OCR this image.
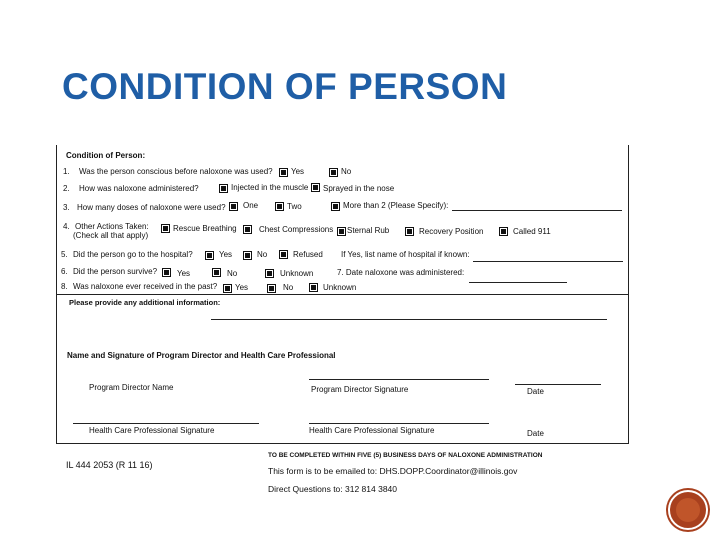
CONDITION OF PERSON
Condition of Person:
1. Was the person conscious before naloxone was used? Yes	No
2. How was naloxone administered?	Injected in the muscle Sprayed in the nose
3. How many doses of naloxone were used? One	Two	More than 2 (Please Specify):
4. Other Actions Taken:
(Check all that apply)
Rescue Breathing	Chest Compressions Sternal Rub	Recovery Position	Called 911
5. Did the person go to the hospital?	Yes	No	Refused If Yes, list name of hospital if known:
6. Did the person survive? Yes	No	Unknown	7. Date naloxone was administered:
8. Was naloxone ever received in the past? Yes	No	Unknown
Please provide any additional information:
Name and Signature of Program Director and Health Care Professional
Program Director Name	Program Director Signature	Date
Health Care Professional Signature	Health Care Professional Signature	Date
IL 444 2053 (R 11 16)
TO BE COMPLETED WITHIN FIVE (5) BUSINESS DAYS OF NALOXONE ADMINISTRATION
This form is to be emailed to: DHS.DOPP.Coordinator@illinois.gov
Direct Questions to: 312 814 3840
